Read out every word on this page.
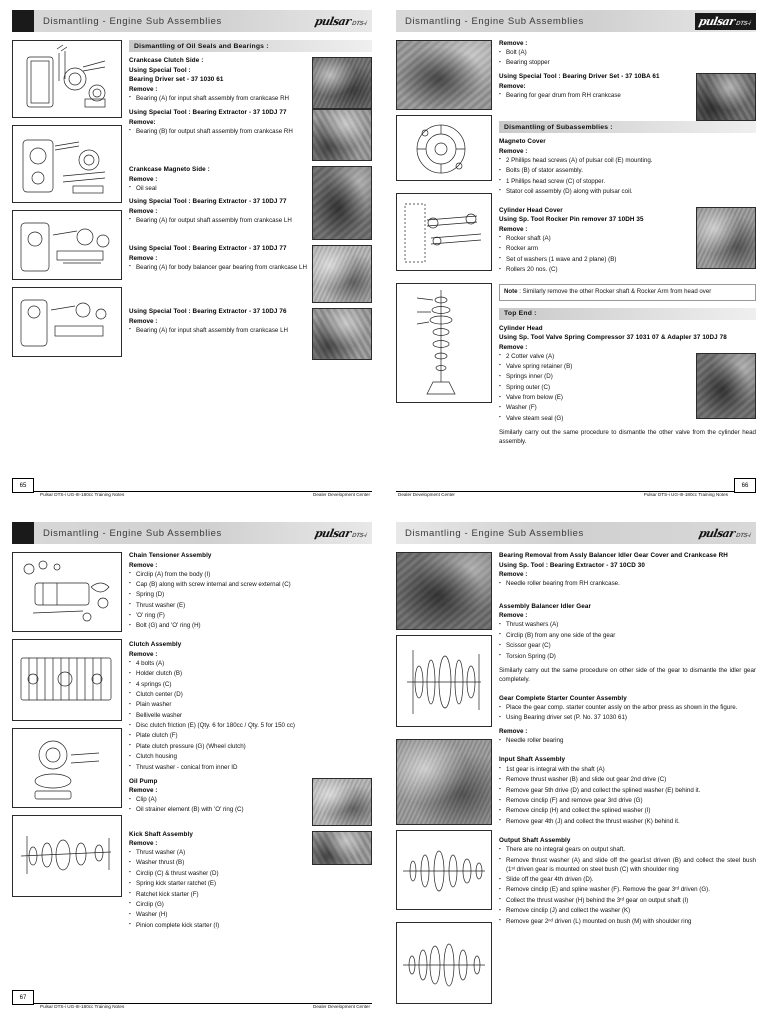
Dismantling - Engine Sub Assemblies	pulsar
DTS-i
Dismantling of Oil Seals and Bearings :
Crankcase Clutch Side :
Using Special Tool :
Bearing Driver set - 37 1030 61
Remove :
▪ Bearing (A) for input shaft assembly from crankcase RH
Using Special Tool : Bearing Extractor - 37 10DJ 77
Remove:
▪ Bearing (B) for output shaft assembly from crankcase RH
Crankcase Magneto Side :
Remove :
▪ Oil seal
Using Special Tool : Bearing Extractor - 37 10DJ 77
Remove :
▪ Bearing (A) for output shaft assembly from crankcase LH
Using Special Tool : Bearing Extractor - 37 10DJ 77
Remove :
▪ Bearing (A) for body balancer gear bearing from crankcase LH
Using Special Tool : Bearing Extractor - 37 10DJ 76
Remove :
▪ Bearing (A) for input shaft assembly from crankcase LH
65
Pulsar DTS-i UG-III-180cc Training Notes	Dealer Development Center
Dismantling - Engine Sub Assemblies	pulsar
DTS-i
Remove :
▪ Bolt (A)
▪ Bearing stopper
Using Special Tool : Bearing Driver Set - 37 10BA 61
Remove:
▪ Bearing for gear drum from RH crankcase
Dismantling of Subassemblies :
Magneto Cover
Remove :
▪ 2 Phillips head screws (A) of pulsar coil (E) mounting.
▪ Bolts (B) of stator assembly.
▪ 1 Phillips head screw (C) of stopper.
▪ Stator coil assembly (D) along with pulsar coil.
Cylinder Head Cover
Using Sp. Tool Rocker Pin remover 37 10DH 35
Remove :
▪ Rocker shaft (A)
▪ Rocker arm
▪ Set of washers (1 wave and 2 plane) (B)
▪ Rollers 20 nos. (C)
Note : Similarly remove the other Rocker shaft & Rocker Arm from head over
Top End :
Cylinder Head
Using Sp. Tool Valve Spring Compressor 37 1031 07 & Adapler 37 10DJ 78
Remove :
▪ 2 Cotter valve (A)
▪ Valve spring retainer (B)
▪ Springs inner (D)
▪ Spring outer (C)
▪ Valve from below (E)
▪ Washer (F)
▪ Valve steam seal (G)

Similarly carry out the same procedure to dismantle the other valve from the cylinder head assembly.

66
Dealer Development Center	Pulsar DTS-i UG-III-180cc Training Notes
Dismantling - Engine Sub Assemblies	pulsar
DTS-i
Chain Tensioner Assembly
Remove :
▪ Circlip (A) from the body (I)
▪ Cap (B) along with screw internal and screw external (C)
▪ Spring (D)
▪ Thrust washer (E)
▪ 'O' ring (F)
▪ Bolt (G) and 'O' ring (H)
Clutch Assembly
Remove :
▪ 4 bolts (A)
▪ Holder clutch (B)
▪ 4 springs (C)
▪ Clutch center (D)
▪ Plain washer
▪ Bellivelle washer
▪ Disc clutch friction (E) (Qty. 6 for 180cc / Qty. 5 for 150 cc)
▪ Plate clutch (F)
▪ Plate clutch pressure (G) (Wheel clutch)
▪ Clutch housing
▪ Thrust washer - conical from inner ID
Oil Pump
Remove :
▪ Clip (A)
▪ Oil strainer element (B) with 'O' ring (C)
Kick Shaft Assembly
Remove :
▪ Thrust washer (A)
▪ Washer thrust (B)
▪ Circlip (C) & thrust washer (D)
▪ Spring kick starter ratchet (E)
▪ Ratchet kick starter (F)
▪ Circlip (G)
▪ Washer (H)
▪ Pinion complete kick starter (I)
67
Pulsar DTS-i UG-III-180cc Training Notes	Dealer Development Center
Dismantling - Engine Sub Assemblies	pulsar
DTS-i
Bearing Removal from Assly Balancer Idler Gear Cover and Crankcase RH
Using Sp. Tool : Bearing Extractor - 37 10CD 30
Remove :
▪ Needle roller bearing from RH crankcase.
Assembly Balancer Idler Gear
Remove :
▪ Thrust washers (A)
▪ Circlip (B) from any one side of the gear
▪ Scissor gear (C)
▪ Torsion Spring (D)

Similarly carry out the same procedure on other side of the gear to dismantle the idler gear completely.

Gear Complete Starter Counter Assembly
▪ Place the gear comp. starter counter assly on the arbor press as shown in the figure.
▪ Using Bearing driver set (P. No. 37 1030 61)
Remove :
▪ Needle roller bearing
Input Shaft Assembly
▪ 1st gear is integral with the shaft (A)
▪ Remove thrust washer (B) and slide out gear 2nd drive (C)
▪ Remove gear 5th drive (D) and collect the splined washer (E) behind it.
▪ Remove cinclip (F) and remove gear 3rd drive (G)
▪ Remove cinclip (H) and collect the splined washer (I)
▪ Remove gear 4th (J) and collect the thrust washer (K) behind it.
Output Shaft Assembly
▪ There are no integral gears on output shaft.
▪ Remove thrust washer (A) and slide off the gear1st driven (B) and collect the steel bush (1ˢᵗ driven gear is mounted on steel bush (C) with shoulder ring
▪ Slide off the gear 4th driven (D).
▪ Remove cinclip (E) and spline washer (F). Remove the gear 3ʳᵈ driven (G).
▪ Collect the thrust washer (H) behind the 3ʳᵈ gear on output shaft (I)
▪ Remove cinclip (J) and collect the washer (K)
▪ Remove gear 2ⁿᵈ driven (L) mounted on bush (M) with shoulder ring
